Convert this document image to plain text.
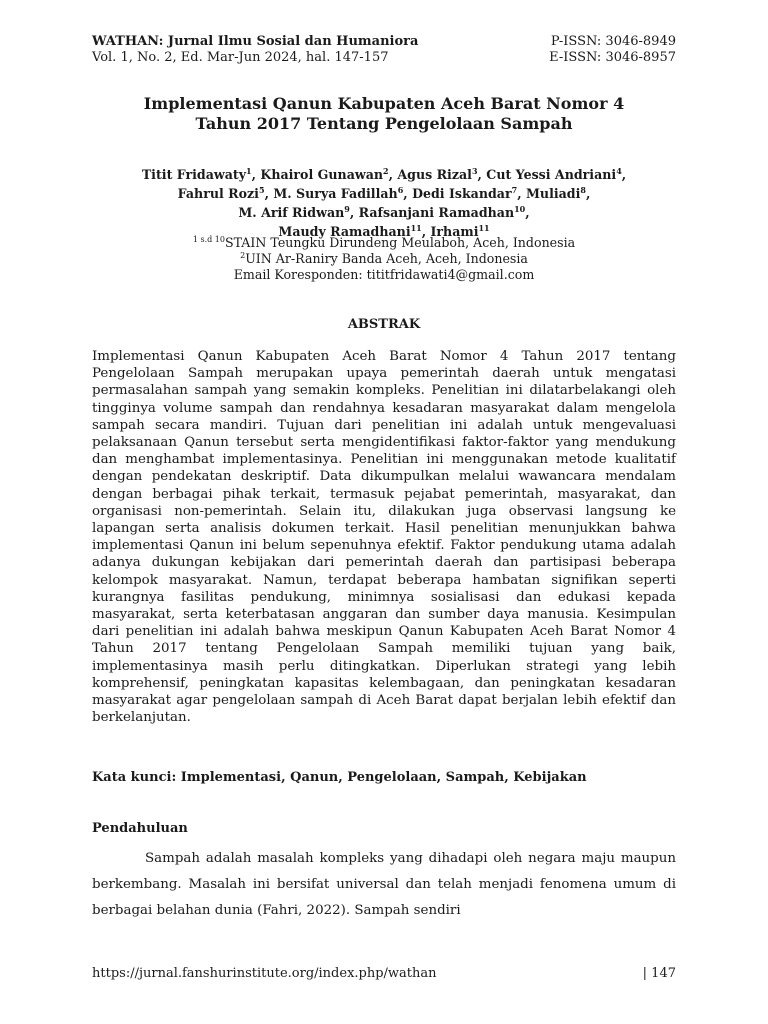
WATHAN: Jurnal Ilmu Sosial dan Humaniora
Vol. 1, No. 2, Ed. Mar-Jun 2024, hal. 147-157
P-ISSN: 3046-8949
E-ISSN: 3046-8957
Implementasi Qanun Kabupaten Aceh Barat Nomor 4
Tahun 2017 Tentang Pengelolaan Sampah
Titit Fridawaty$^1$, Khairol Gunawan$^2$, Agus Rizal$^3$, Cut Yessi Andriani$^4$,
Fahrul Rozi$^5$, M. Surya Fadillah$^6$, Dedi Iskandar$^7$, Muliadi$^8$,
M. Arif Ridwan$^9$, Rafsanjani Ramadhan$^{10}$,
Maudy Ramadhani$^{11}$, Irhami$^{11}$
$^{1 s.d 10}$STAIN Teungku Dirundeng Meulaboh, Aceh, Indonesia
$^2$UIN Ar-Raniry Banda Aceh, Aceh, Indonesia
Email Koresponden: tititfridawati4@gmail.com
ABSTRAK

Implementasi Qanun Kabupaten Aceh Barat Nomor 4 Tahun 2017 tentang Pengelolaan Sampah merupakan upaya pemerintah daerah untuk mengatasi permasalahan sampah yang semakin kompleks. Penelitian ini dilatarbelakangi oleh tingginya volume sampah dan rendahnya kesadaran masyarakat dalam mengelola sampah secara mandiri. Tujuan dari penelitian ini adalah untuk mengevaluasi pelaksanaan Qanun tersebut serta mengidentifikasi faktor-faktor yang mendukung dan menghambat implementasinya. Penelitian ini menggunakan metode kualitatif dengan pendekatan deskriptif. Data dikumpulkan melalui wawancara mendalam dengan berbagai pihak terkait, termasuk pejabat pemerintah, masyarakat, dan organisasi non-pemerintah. Selain itu, dilakukan juga observasi langsung ke lapangan serta analisis dokumen terkait. Hasil penelitian menunjukkan bahwa implementasi Qanun ini belum sepenuhnya efektif. Faktor pendukung utama adalah adanya dukungan kebijakan dari pemerintah daerah dan partisipasi beberapa kelompok masyarakat. Namun, terdapat beberapa hambatan signifikan seperti kurangnya fasilitas pendukung, minimnya sosialisasi dan edukasi kepada masyarakat, serta keterbatasan anggaran dan sumber daya manusia. Kesimpulan dari penelitian ini adalah bahwa meskipun Qanun Kabupaten Aceh Barat Nomor 4 Tahun 2017 tentang Pengelolaan Sampah memiliki tujuan yang baik, implementasinya masih perlu ditingkatkan. Diperlukan strategi yang lebih komprehensif, peningkatan kapasitas kelembagaan, dan peningkatan kesadaran masyarakat agar pengelolaan sampah di Aceh Barat dapat berjalan lebih efektif dan berkelanjutan.

Kata kunci: Implementasi, Qanun, Pengelolaan, Sampah, Kebijakan
Pendahuluan

Sampah adalah masalah kompleks yang dihadapi oleh negara maju maupun berkembang. Masalah ini bersifat universal dan telah menjadi fenomena umum di berbagai belahan dunia (Fahri, 2022). Sampah sendiri

https://jurnal.fanshurinstitute.org/index.php/wathan	| 147
